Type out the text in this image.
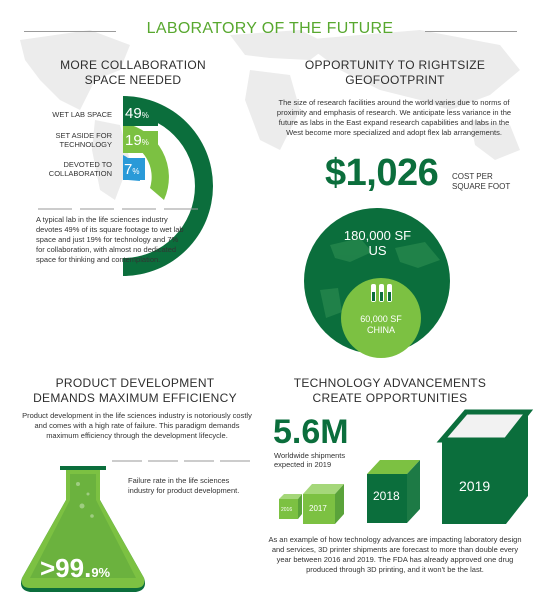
LABORATORY OF THE FUTURE
MORE COLLABORATION
SPACE NEEDED
WET LAB SPACE 49%
SET ASIDE FOR
TECHNOLOGY 19%
DEVOTED TO
COLLABORATION 7%
A typical lab in the life sciences industry devotes 49% of its square footage to wet lab space and just 19% for technology and 7% for collaboration, with almost no dedicated space for thinking and contemplation.
OPPORTUNITY TO RIGHTSIZE
GEOFOOTPRINT
The size of research facilities around the world varies due to norms of proximity and emphasis of research. We anticipate less variance in the future as labs in the East expand research capabilities and labs in the West become more specialized and adopt flex lab arrangements.
$1,026 COST PER
SQUARE FOOT
180,000 SF
US
60,000 SF
CHINA
PRODUCT DEVELOPMENT
DEMANDS MAXIMUM EFFICIENCY
Product development in the life sciences industry is notoriously costly and comes with a high rate of failure. This paradigm demands maximum efficiency through the development lifecycle.
Failure rate in the life sciences industry for product development.
>99.9%
TECHNOLOGY ADVANCEMENTS
CREATE OPPORTUNITIES
5.6M
Worldwide shipments
expected in 2019
2016 2017
2018
2019
As an example of how technology advances are impacting laboratory design and services, 3D printer shipments are forecast to more than double every year between 2016 and 2019. The FDA has already approved one drug produced through 3D printing, and it won't be the last.
